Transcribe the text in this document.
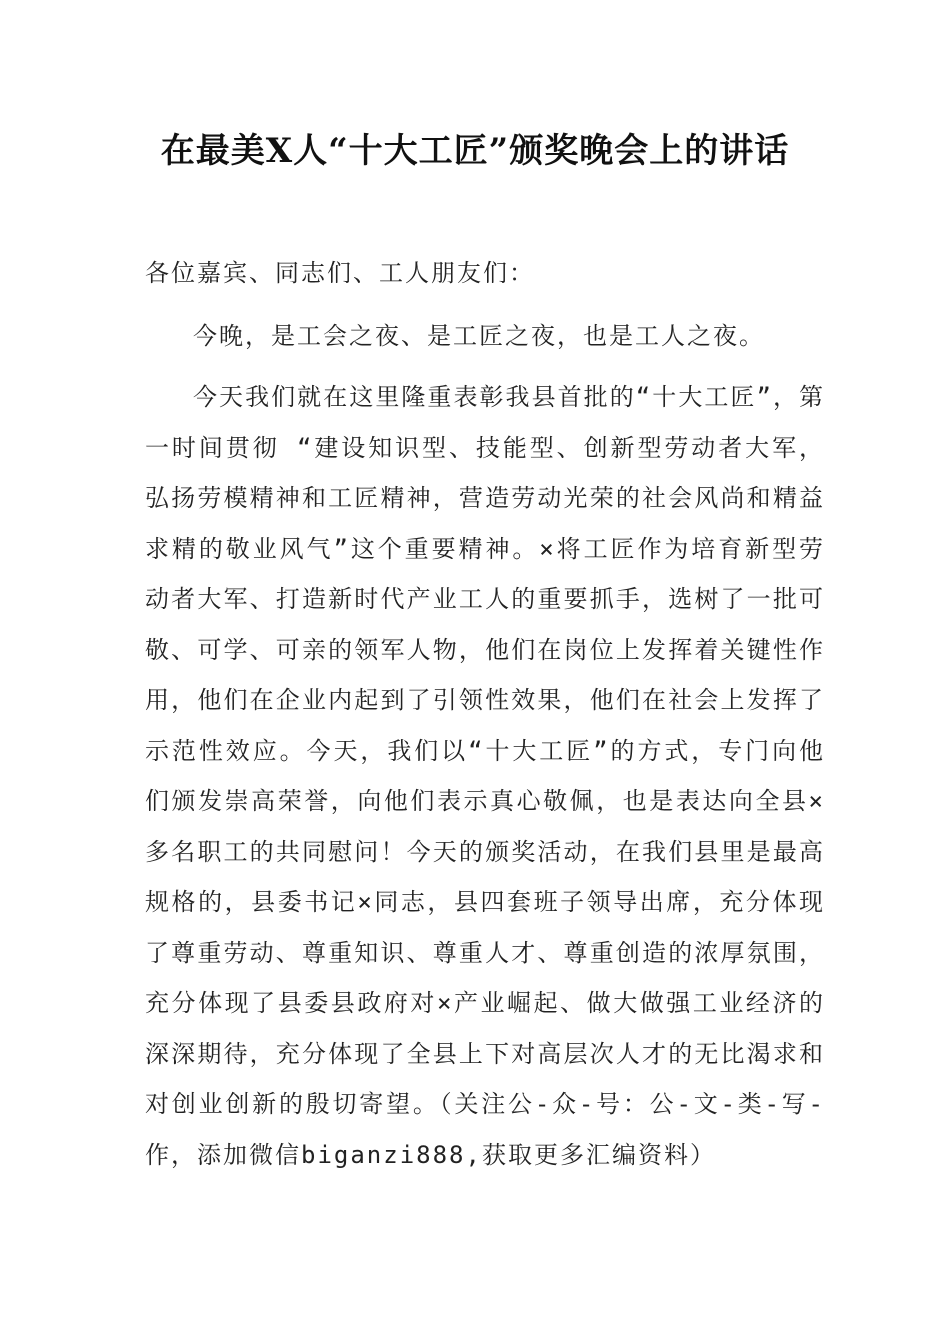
在最美X人“十大工匠”颁奖晚会上的讲话

各位嘉宾、同志们、工人朋友们：

今晚，是工会之夜、是工匠之夜，也是工人之夜。

今天我们就在这里隆重表彰我县首批的“十大工匠”，第一时间贯彻 “建设知识型、技能型、创新型劳动者大军，弘扬劳模精神和工匠精神，营造劳动光荣的社会风尚和精益求精的敬业风气”这个重要精神。×将工匠作为培育新型劳动者大军、打造新时代产业工人的重要抓手，选树了一批可敬、可学、可亲的领军人物，他们在岗位上发挥着关键性作用，他们在企业内起到了引领性效果，他们在社会上发挥了示范性效应。今天，我们以“十大工匠”的方式，专门向他们颁发崇高荣誉，向他们表示真心敬佩，也是表达向全县×多名职工的共同慰问！今天的颁奖活动，在我们县里是最高规格的，县委书记×同志，县四套班子领导出席，充分体现了尊重劳动、尊重知识、尊重人才、尊重创造的浓厚氛围，充分体现了县委县政府对×产业崛起、做大做强工业经济的深深期待，充分体现了全县上下对高层次人才的无比渴求和对创业创新的殷切寄望。（关注公-众-号：公-文-类-写-作，添加微信biganzi888,获取更多汇编资料）
